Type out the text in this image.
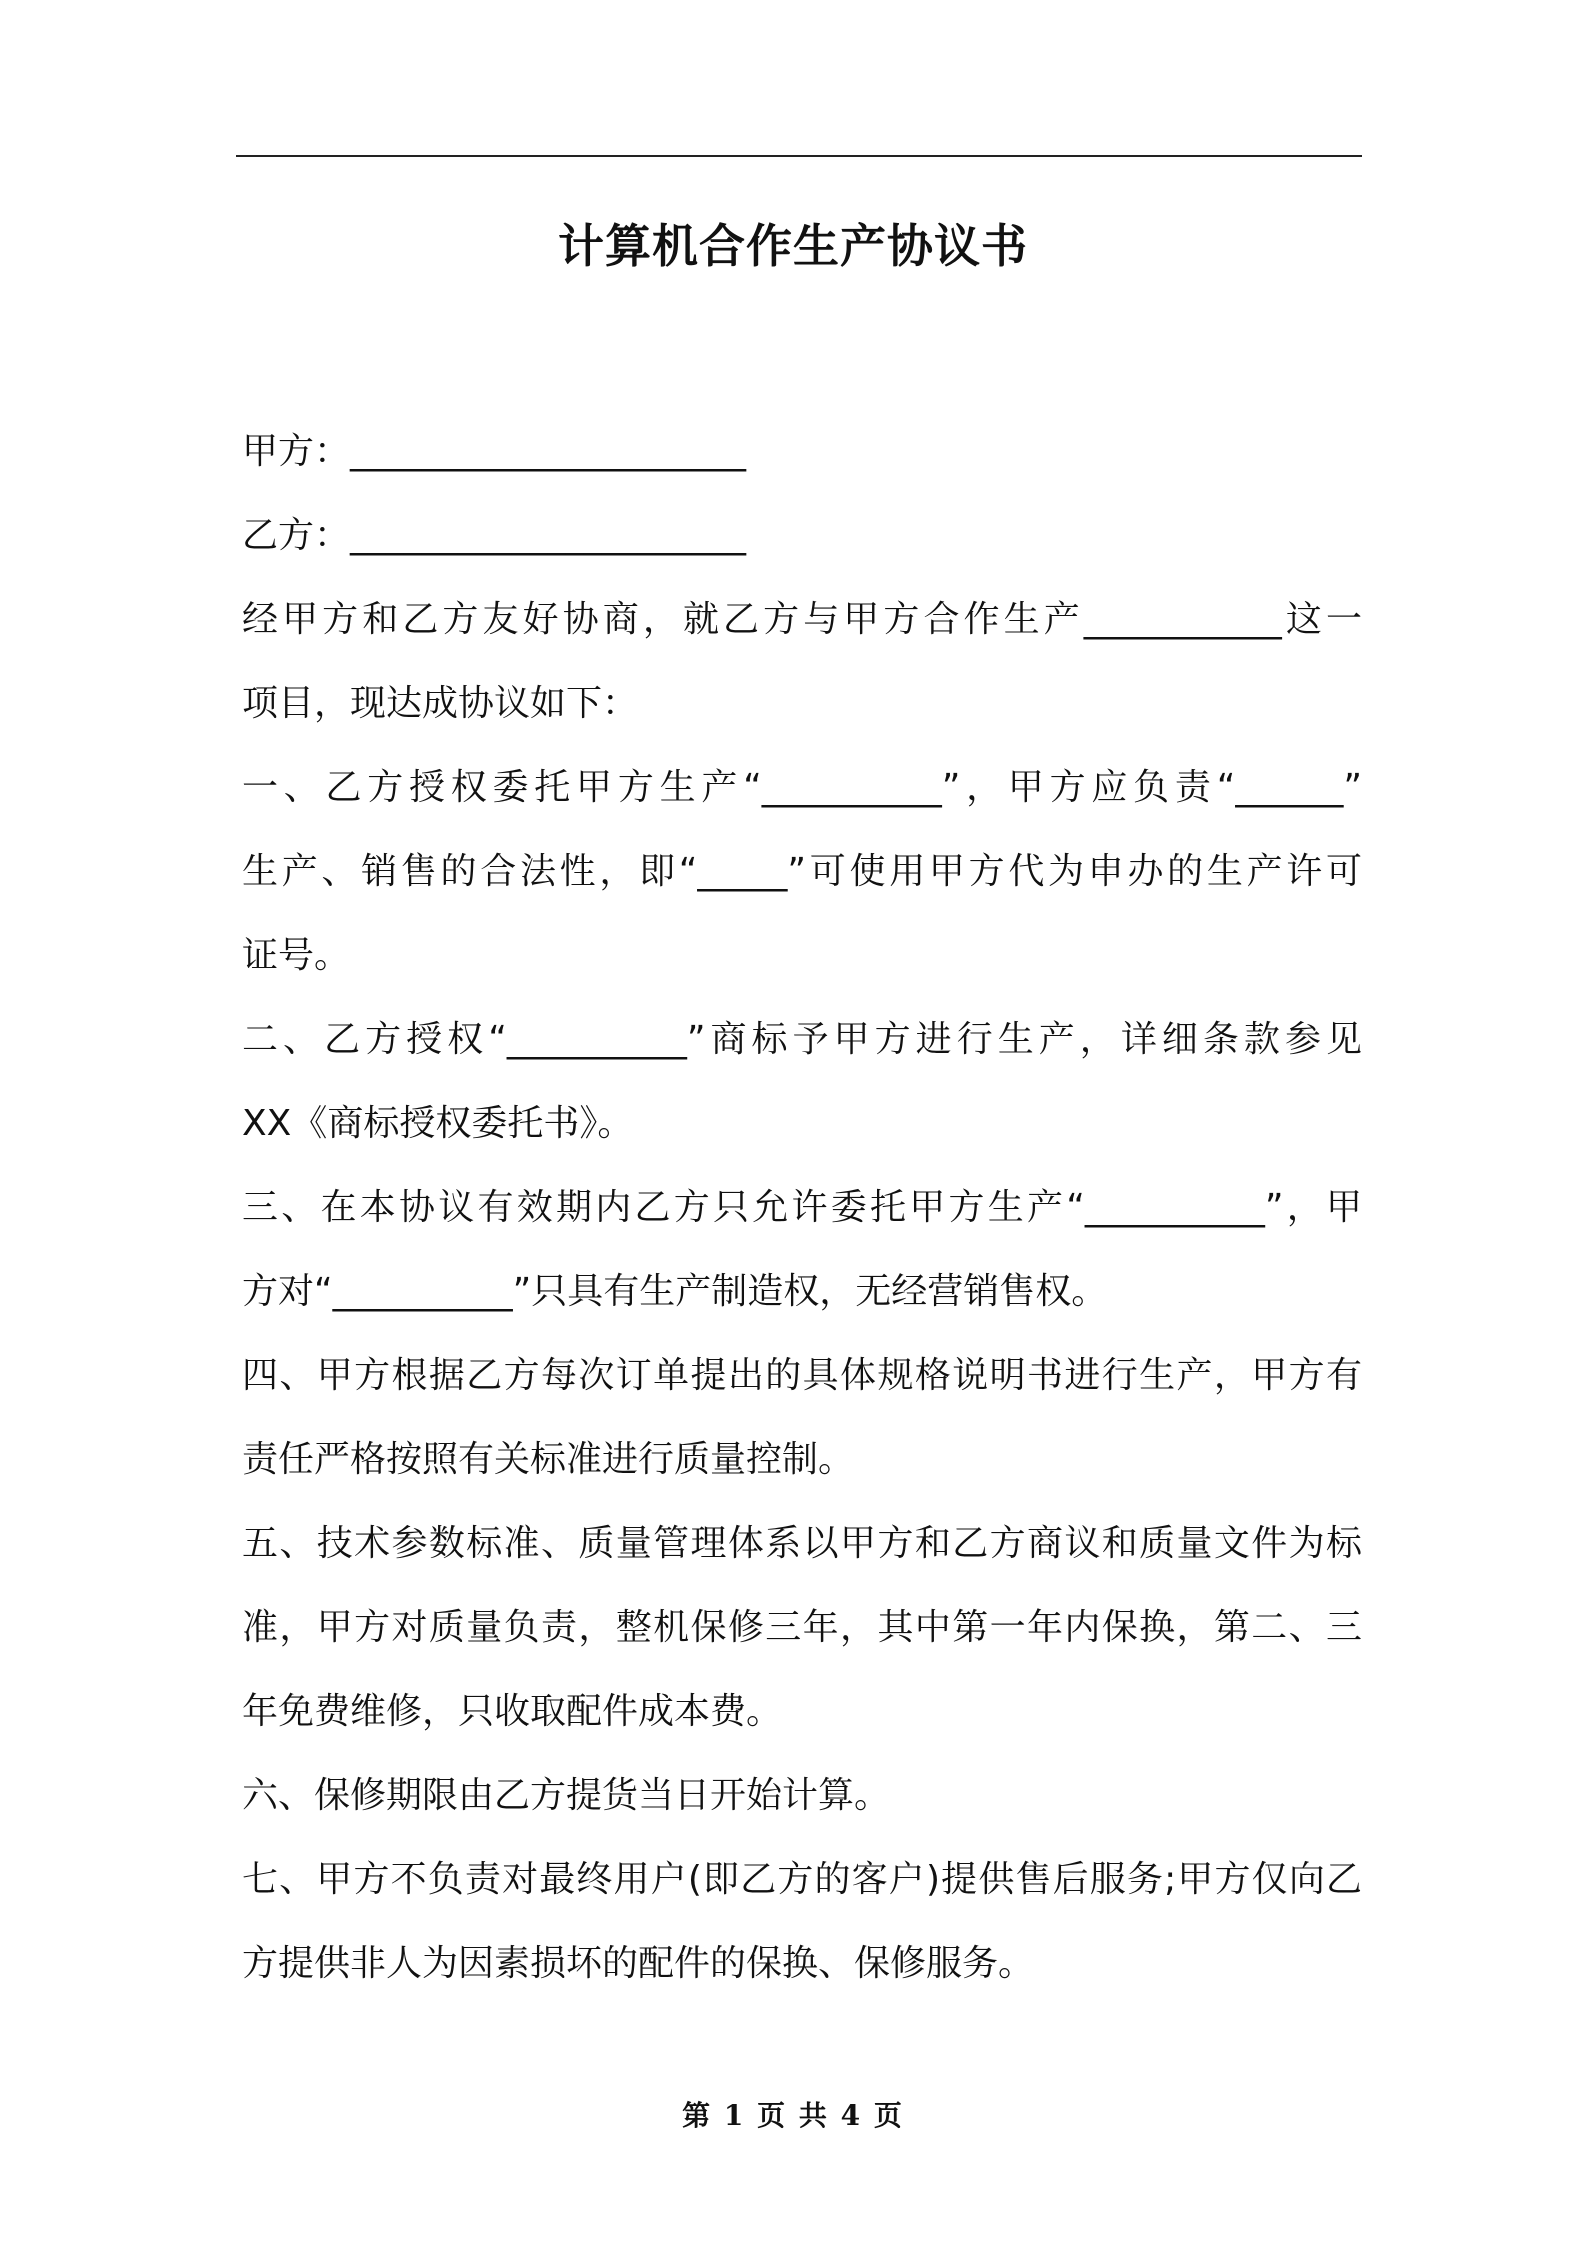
计算机合作生产协议书
甲方：______________________
乙方：______________________
经甲方和乙方友好协商，就乙方与甲方合作生产___________这一
项目，现达成协议如下：
一、乙方授权委托甲方生产“__________”，甲方应负责“______”
生产、销售的合法性，即“_____”可使用甲方代为申办的生产许可
证号。
二、乙方授权“__________”商标予甲方进行生产，详细条款参见
XX《商标授权委托书》。
三、在本协议有效期内乙方只允许委托甲方生产“__________”，甲
方对“__________”只具有生产制造权，无经营销售权。
四、甲方根据乙方每次订单提出的具体规格说明书进行生产，甲方有
责任严格按照有关标准进行质量控制。
五、技术参数标准、质量管理体系以甲方和乙方商议和质量文件为标
准，甲方对质量负责，整机保修三年，其中第一年内保换，第二、三
年免费维修，只收取配件成本费。
六、保修期限由乙方提货当日开始计算。
七、甲方不负责对最终用户(即乙方的客户)提供售后服务;甲方仅向乙
方提供非人为因素损坏的配件的保换、保修服务。
第 1 页 共 4 页
